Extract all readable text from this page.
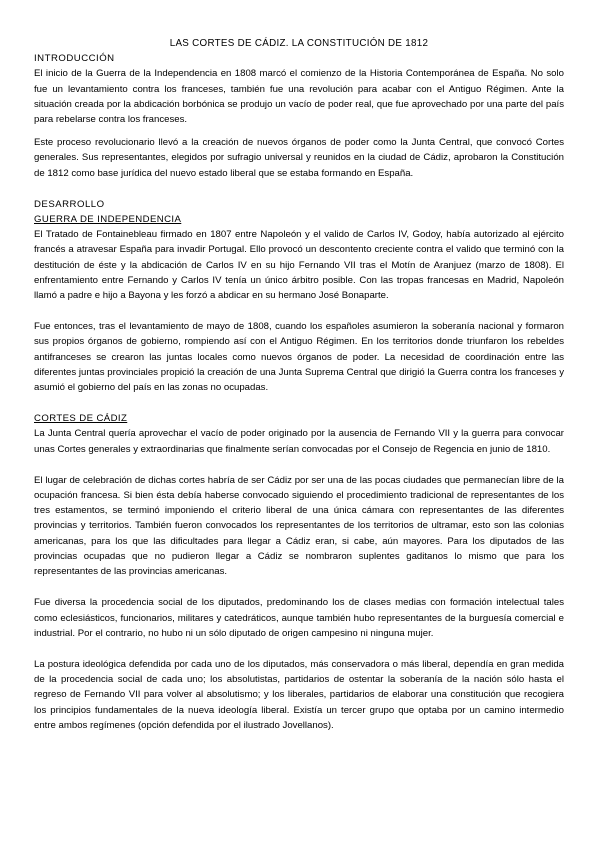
LAS CORTES DE CÁDIZ. LA CONSTITUCIÓN DE 1812

INTRODUCCIÓN

El inicio de la Guerra de la Independencia en 1808 marcó el comienzo de la Historia Contemporánea de España. No solo fue un levantamiento contra los franceses, también fue una revolución para acabar con el Antiguo Régimen. Ante la situación creada por la abdicación borbónica se produjo un vacío de poder real, que fue aprovechado por una parte del país para rebelarse contra los franceses.

Este proceso revolucionario llevó a la creación de nuevos órganos de poder como la Junta Central, que convocó Cortes generales. Sus representantes, elegidos por sufragio universal y reunidos en la ciudad de Cádiz, aprobaron la Constitución de 1812 como base jurídica del nuevo estado liberal que se estaba formando en España.

DESARROLLO

GUERRA DE INDEPENDENCIA

El Tratado de Fontainebleau firmado en 1807 entre Napoleón y el valido de Carlos IV, Godoy, había autorizado al ejército francés a atravesar España para invadir Portugal. Ello provocó un descontento creciente contra el valido que terminó con la destitución de éste y la abdicación de Carlos IV en su hijo Fernando VII tras el Motín de Aranjuez (marzo de 1808). El enfrentamiento entre Fernando y Carlos IV tenía un único árbitro posible. Con las tropas francesas en Madrid, Napoleón llamó a padre e hijo a Bayona y les forzó a abdicar en su hermano José Bonaparte.

Fue entonces, tras el levantamiento de mayo de 1808, cuando los españoles asumieron la soberanía nacional y formaron sus propios órganos de gobierno, rompiendo así con el Antiguo Régimen. En los territorios donde triunfaron los rebeldes antifranceses se crearon las juntas locales como nuevos órganos de poder. La necesidad de coordinación entre las diferentes juntas provinciales propició la creación de una Junta Suprema Central que dirigió la Guerra contra los franceses y asumió el gobierno del país en las zonas no ocupadas.

CORTES DE CÁDIZ

La Junta Central quería aprovechar el vacío de poder originado por la ausencia de Fernando VII y la guerra para convocar unas Cortes generales y extraordinarias que finalmente serían convocadas por el Consejo de Regencia en junio de 1810.

El lugar de celebración de dichas cortes habría de ser Cádiz por ser una de las pocas ciudades que permanecían libre de la ocupación francesa. Si bien ésta debía haberse convocado siguiendo el procedimiento tradicional de representantes de los tres estamentos, se terminó imponiendo el criterio liberal de una única cámara con representantes de las diferentes provincias y territorios. También fueron convocados los representantes de los territorios de ultramar, esto son las colonias americanas, para los que las dificultades para llegar a Cádiz eran, si cabe, aún mayores. Para los diputados de las provincias ocupadas que no pudieron llegar a Cádiz se nombraron suplentes gaditanos lo mismo que para los representantes de las provincias americanas.

Fue diversa la procedencia social de los diputados, predominando los de clases medias con formación intelectual tales como eclesiásticos, funcionarios, militares y catedráticos, aunque también hubo representantes de la burguesía comercial e industrial. Por el contrario, no hubo ni un sólo diputado de origen campesino ni ninguna mujer.

La postura ideológica defendida por cada uno de los diputados, más conservadora o más liberal, dependía en gran medida de la procedencia social de cada uno; los absolutistas, partidarios de ostentar la soberanía de la nación sólo hasta el regreso de Fernando VII para volver al absolutismo; y los liberales, partidarios de elaborar una constitución que recogiera los principios fundamentales de la nueva ideología liberal. Existía un tercer grupo que optaba por un camino intermedio entre ambos regímenes (opción defendida por el ilustrado Jovellanos).
